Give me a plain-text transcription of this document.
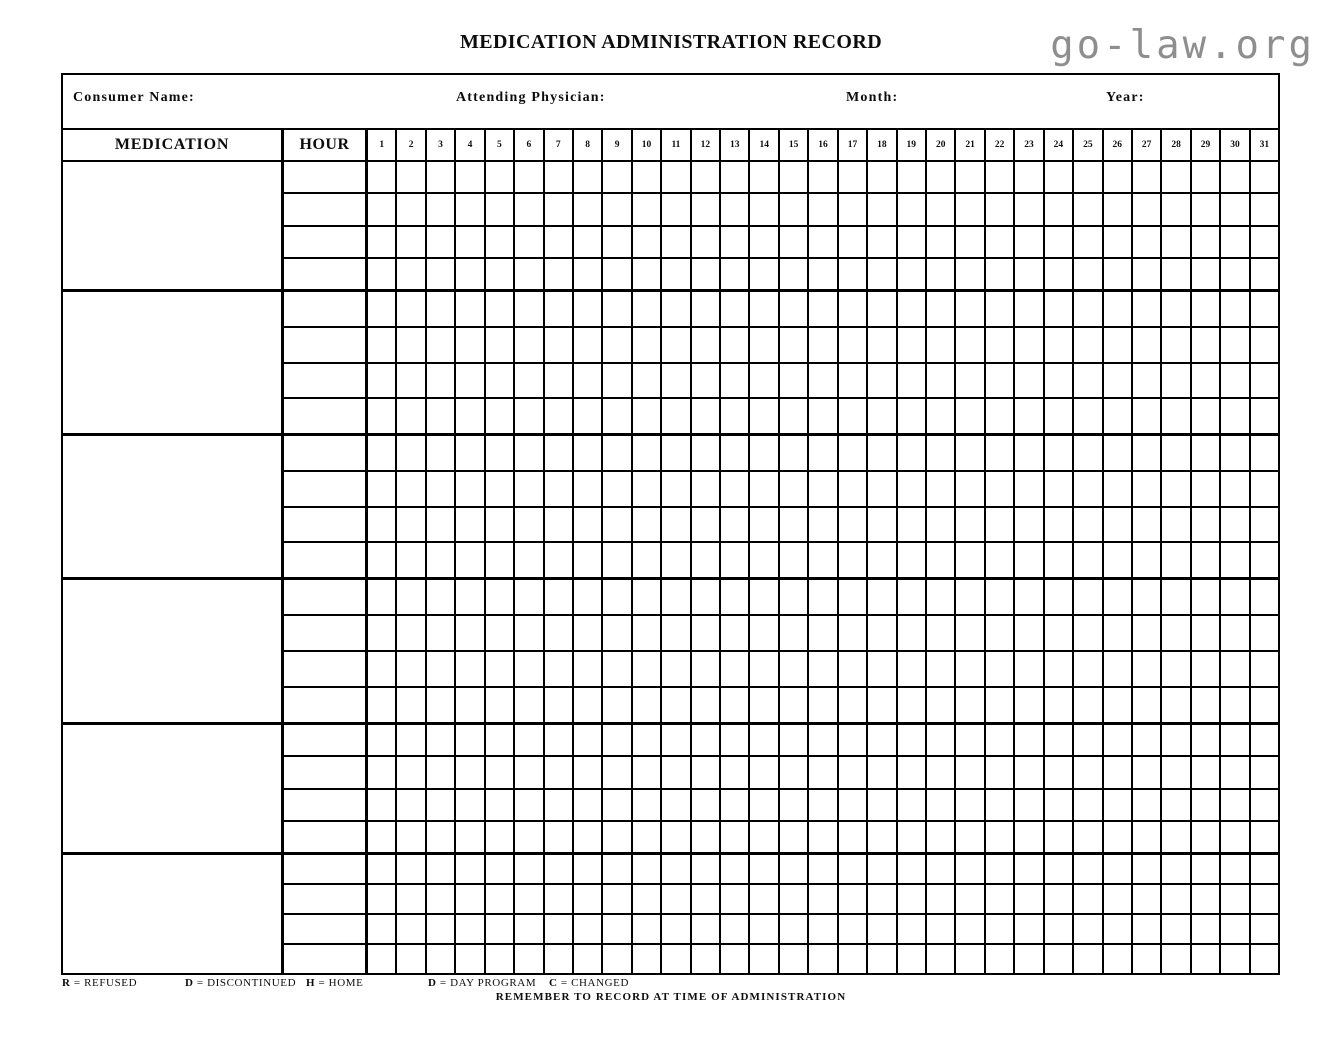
MEDICATION ADMINISTRATION RECORD	go-law.org
Consumer Name:	Attending Physician:	Month:	Year:
MEDICATION	HOUR	1	2	3	4	5	6	7	8	9	10	11	12	13	14	15	16	17	18	19	20	21	22	23	24	25	26	27	28	29	30	31
R = REFUSED	D = DISCONTINUED H = HOME	D = DAY PROGRAM C = CHANGED
REMEMBER TO RECORD AT TIME OF ADMINISTRATION
